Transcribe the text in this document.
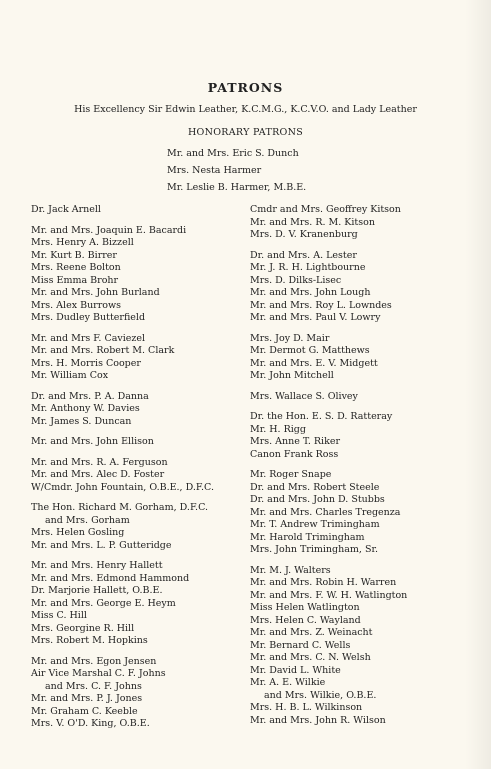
PATRONS
His Excellency Sir Edwin Leather, K.C.M.G., K.C.V.O. and Lady Leather
HONORARY PATRONS
Mr. and Mrs. Eric S. Dunch
Mrs. Nesta Harmer
Mr. Leslie B. Harmer, M.B.E.
Dr. Jack Arnell
Mr. and Mrs. Joaquin E. Bacardi
Mrs. Henry A. Bizzell
Mr. Kurt B. Birrer
Mrs. Reene Bolton
Miss Emma Brohr
Mr. and Mrs. John Burland
Mrs. Alex Burrows
Mrs. Dudley Butterfield
Mr. and Mrs F. Caviezel
Mr. and Mrs. Robert M. Clark
Mrs. H. Morris Cooper
Mr. William Cox
Dr. and Mrs. P. A. Danna
Mr. Anthony W. Davies
Mr. James S. Duncan
Mr. and Mrs. John Ellison
Mr. and Mrs. R. A. Ferguson
Mr. and Mrs. Alec D. Foster
W/Cmdr. John Fountain, O.B.E., D.F.C.
The Hon. Richard M. Gorham, D.F.C.
and Mrs. Gorham
Mrs. Helen Gosling
Mr. and Mrs. L. P. Gutteridge
Mr. and Mrs. Henry Hallett
Mr. and Mrs. Edmond Hammond
Dr. Marjorie Hallett, O.B.E.
Mr. and Mrs. George E. Heym
Miss C. Hill
Mrs. Georgine R. Hill
Mrs. Robert M. Hopkins
Mr. and Mrs. Egon Jensen
Air Vice Marshal C. F. Johns
and Mrs. C. F. Johns
Mr. and Mrs. P. J. Jones
Mr. Graham C. Keeble
Mrs. V. O'D. King, O.B.E.
Cmdr and Mrs. Geoffrey Kitson
Mr. and Mrs. R. M. Kitson
Mrs. D. V. Kranenburg
Dr. and Mrs. A. Lester
Mr. J. R. H. Lightbourne
Mrs. D. Dilks-Lisec
Mr. and Mrs. John Lough
Mr. and Mrs. Roy L. Lowndes
Mr. and Mrs. Paul V. Lowry
Mrs. Joy D. Mair
Mr. Dermot G. Matthews
Mr. and Mrs. E. V. Midgett
Mr. John Mitchell
Mrs. Wallace S. Olivey
Dr. the Hon. E. S. D. Ratteray
Mr. H. Rigg
Mrs. Anne T. Riker
Canon Frank Ross
Mr. Roger Snape
Dr. and Mrs. Robert Steele
Dr. and Mrs. John D. Stubbs
Mr. and Mrs. Charles Tregenza
Mr. T. Andrew Trimingham
Mr. Harold Trimingham
Mrs. John Trimingham, Sr.
Mr. M. J. Walters
Mr. and Mrs. Robin H. Warren
Mr. and Mrs. F. W. H. Watlington
Miss Helen Watlington
Mrs. Helen C. Wayland
Mr. and Mrs. Z. Weinacht
Mr. Bernard C. Wells
Mr. and Mrs. C. N. Welsh
Mr. David L. White
Mr. A. E. Wilkie
and Mrs. Wilkie, O.B.E.
Mrs. H. B. L. Wilkinson
Mr. and Mrs. John R. Wilson
